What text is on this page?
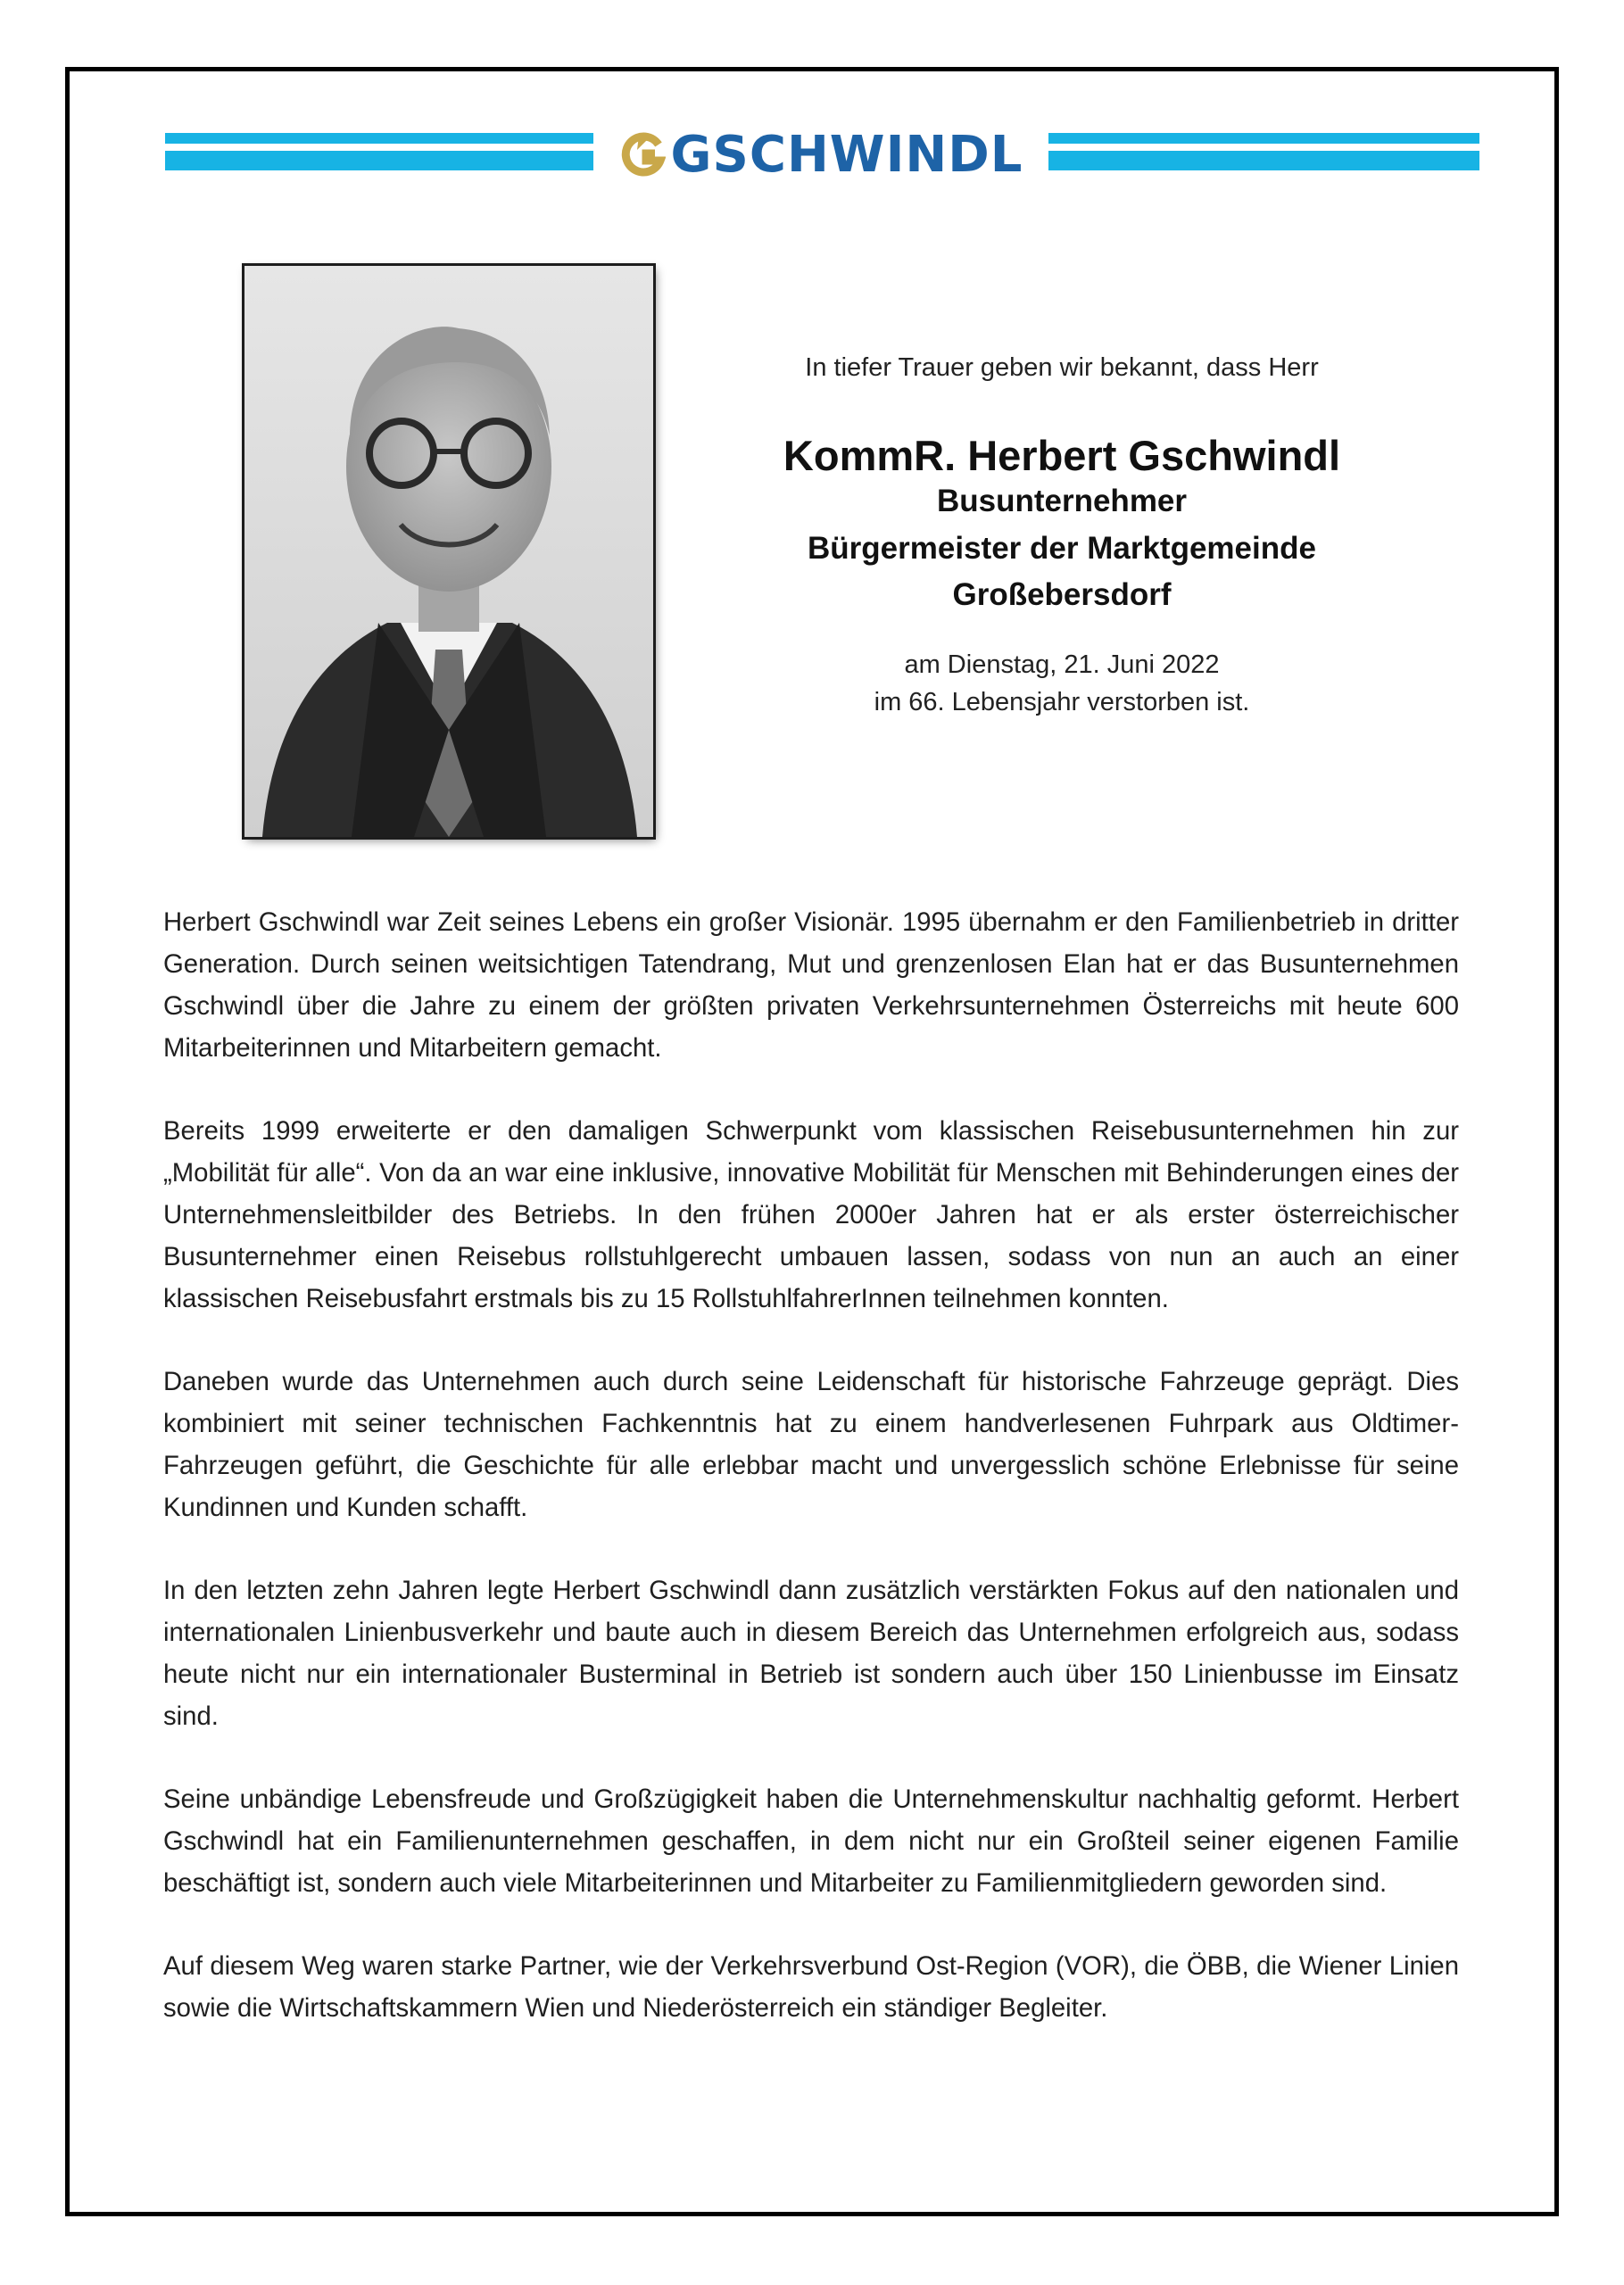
GSCHWINDL

In tiefer Trauer geben wir bekannt, dass Herr

KommR. Herbert Gschwindl

Busunternehmer

Bürgermeister der Marktgemeinde

Großebersdorf

am Dienstag, 21. Juni 2022
im 66. Lebensjahr verstorben ist.

Herbert Gschwindl war Zeit seines Lebens ein großer Visionär. 1995 übernahm er den Familienbetrieb in dritter Generation. Durch seinen weitsichtigen Tatendrang, Mut und grenzenlosen Elan hat er das Busunternehmen Gschwindl über die Jahre zu einem der größten privaten Verkehrsunternehmen Österreichs mit heute 600 Mitarbeiterinnen und Mitarbeitern gemacht.

Bereits 1999 erweiterte er den damaligen Schwerpunkt vom klassischen Reisebusunternehmen hin zur „Mobilität für alle“. Von da an war eine inklusive, innovative Mobilität für Menschen mit Behinderungen eines der Unternehmensleitbilder des Betriebs. In den frühen 2000er Jahren hat er als erster österreichischer Busunternehmer einen Reisebus rollstuhlgerecht umbauen lassen, sodass von nun an auch an einer klassischen Reisebusfahrt erstmals bis zu 15 RollstuhlfahrerInnen teilnehmen konnten.

Daneben wurde das Unternehmen auch durch seine Leidenschaft für historische Fahrzeuge geprägt. Dies kombiniert mit seiner technischen Fachkenntnis hat zu einem handverlesenen Fuhrpark aus Oldtimer-Fahrzeugen geführt, die Geschichte für alle erlebbar macht und unvergesslich schöne Erlebnisse für seine Kundinnen und Kunden schafft.

In den letzten zehn Jahren legte Herbert Gschwindl dann zusätzlich verstärkten Fokus auf den nationalen und internationalen Linienbusverkehr und baute auch in diesem Bereich das Unternehmen erfolgreich aus, sodass heute nicht nur ein internationaler Busterminal in Betrieb ist sondern auch über 150 Linienbusse im Einsatz sind.

Seine unbändige Lebensfreude und Großzügigkeit haben die Unternehmenskultur nachhaltig geformt. Herbert Gschwindl hat ein Familienunternehmen geschaffen, in dem nicht nur ein Großteil seiner eigenen Familie beschäftigt ist, sondern auch viele Mitarbeiterinnen und Mitarbeiter zu Familienmitgliedern geworden sind.

Auf diesem Weg waren starke Partner, wie der Verkehrsverbund Ost-Region (VOR), die ÖBB, die Wiener Linien sowie die Wirtschaftskammern Wien und Niederösterreich ein ständiger Begleiter.
